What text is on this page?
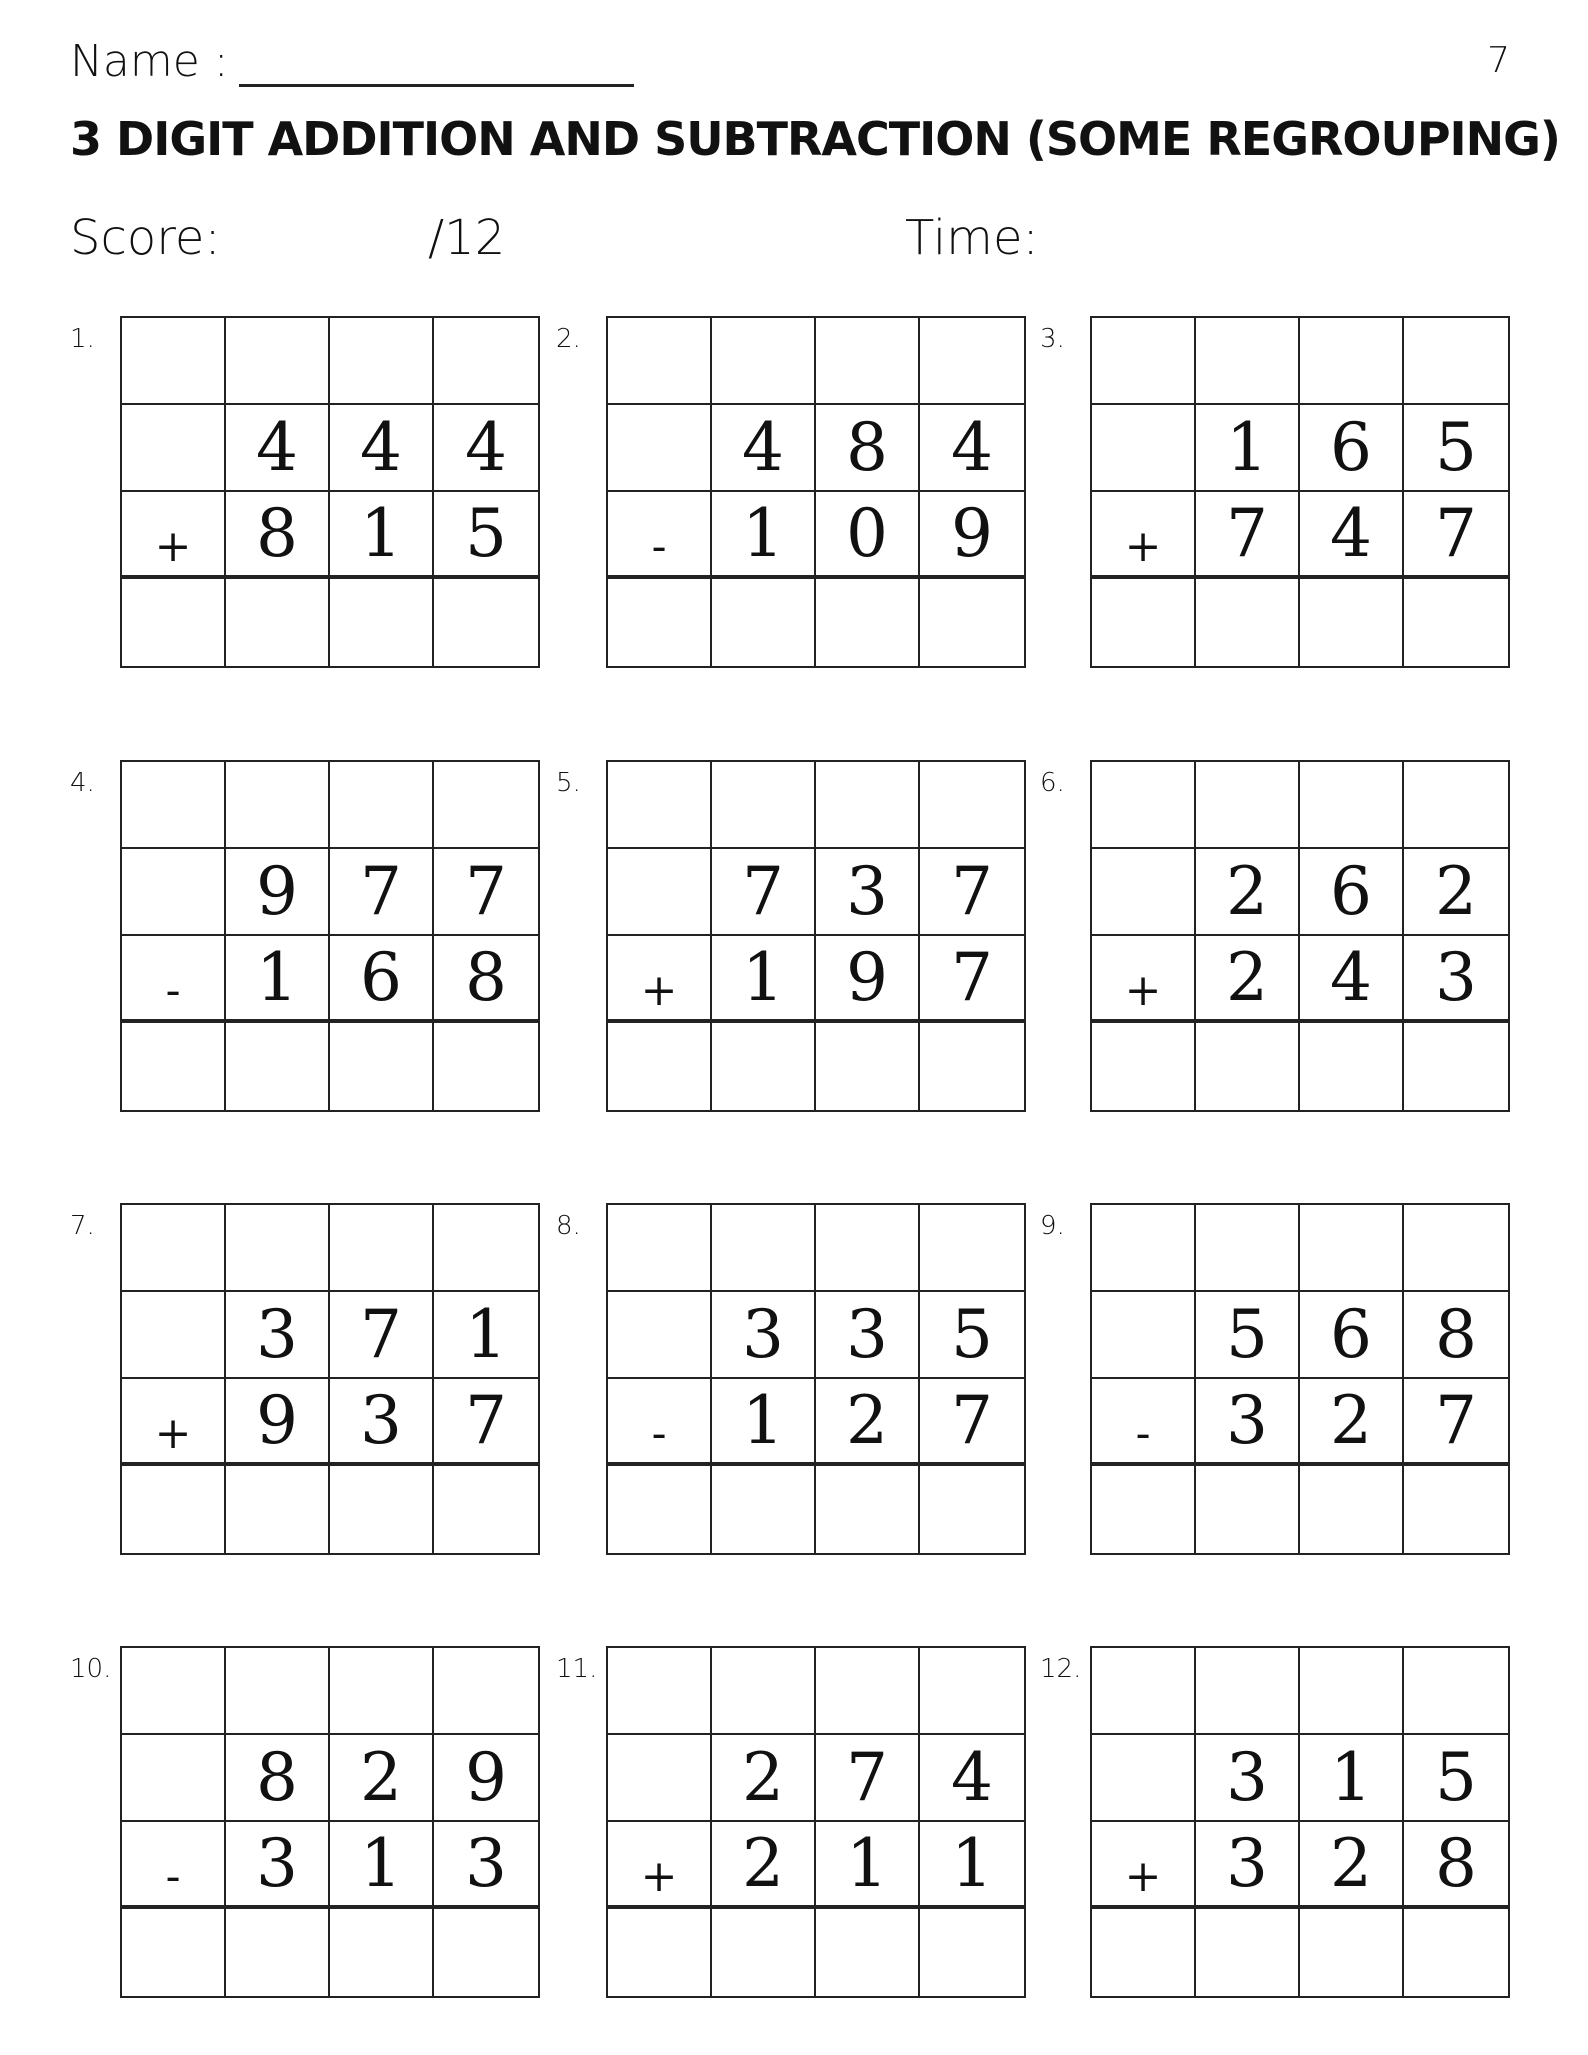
Name :	7
3 DIGIT ADDITION AND SUBTRACTION (SOME REGROUPING)
Score:	/12	Time:
1.
4 4 4
+ 8 1 5
2.
4 8 4
-	1 0 9
3.
1 6 5
+ 7 4 7
4.
9 7 7
-	1 6 8
5.
7 3 7
+ 1 9 7
6.
2 6 2
+ 2 4 3
7.
3 7 1
+ 9 3 7
8.
3 3 5
-	1 2 7
9.
5 6 8
-	3 2 7
10.
8 2 9
-	3 1 3
11.
2 7 4
+ 2 1 1
12.
3 1 5
+ 3 2 8
